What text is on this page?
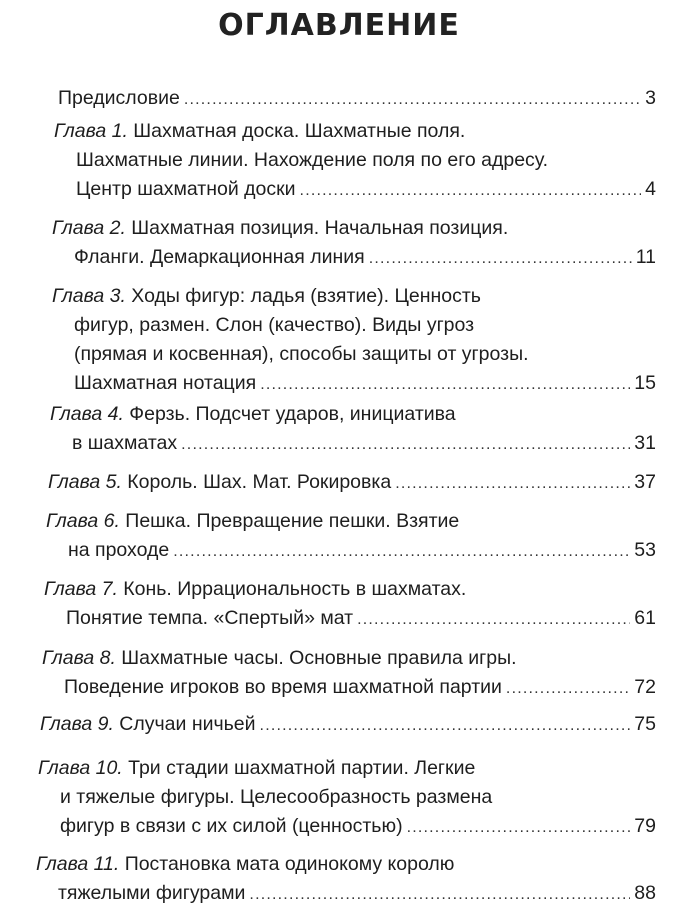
ОГЛАВЛЕНИЕ
Предисловие .....	3
Глава 1. Шахматная доска. Шахматные поля.
Шахматные линии. Нахождение поля по его адресу.
Центр шахматной доски .....	4
Глава 2. Шахматная позиция. Начальная позиция.
Фланги. Демаркационная линия .....	11
Глава 3. Ходы фигур: ладья (взятие). Ценность
фигур, размен. Слон (качество). Виды угроз
(прямая и косвенная), способы защиты от угрозы.
Шахматная нотация .....	15
Глава 4. Ферзь. Подсчет ударов, инициатива
в шахматах .....	31
Глава 5. Король. Шах. Мат. Рокировка .....	37
Глава 6. Пешка. Превращение пешки. Взятие
на проходе .....	53
Глава 7. Конь. Иррациональность в шахматах.
Понятие темпа. «Спертый» мат .....	61
Глава 8. Шахматные часы. Основные правила игры.
Поведение игроков во время шахматной партии .....	72
Глава 9. Случаи ничьей .....	75
Глава 10. Три стадии шахматной партии. Легкие
и тяжелые фигуры. Целесообразность размена
фигур в связи с их силой (ценностью) .....	79
Глава 11. Постановка мата одинокому королю
тяжелыми фигурами .....	88
